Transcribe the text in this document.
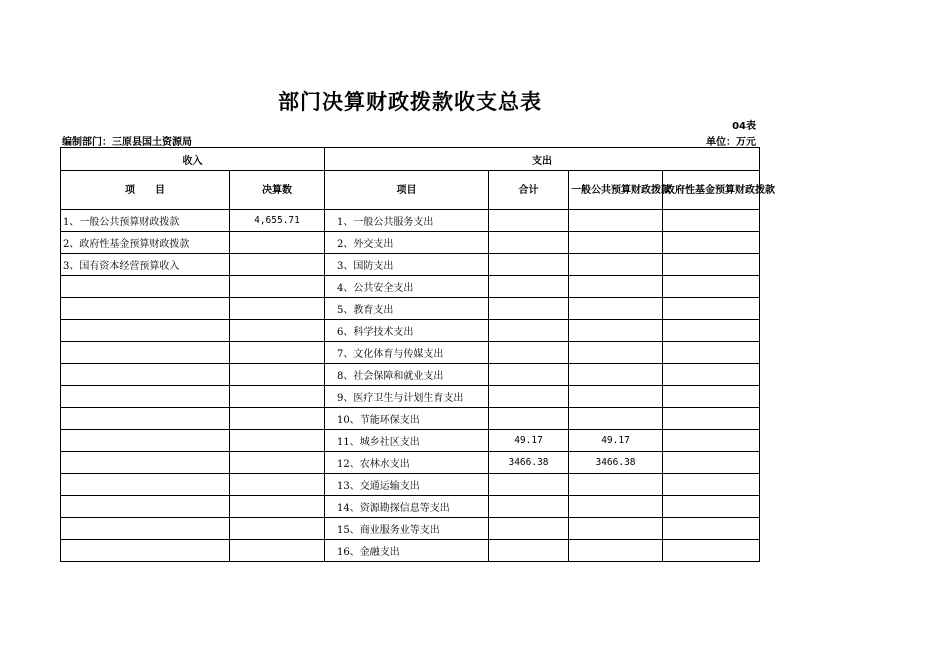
部门决算财政拨款收支总表
04表
编制部门：三原县国土资源局	单位：万元
收入		支出			
项　　目	决算数	项目	合计	一般公共预算财政拨款	政府性基金预算财政拨款
1、一般公共预算财政拨款	4,655.71	1、一般公共服务支出			
2、政府性基金预算财政拨款		2、外交支出			
3、国有资本经营预算收入		3、国防支出			
		4、公共安全支出			
		5、教育支出			
		6、科学技术支出			
		7、文化体育与传媒支出			
		8、社会保障和就业支出			
		9、医疗卫生与计划生育支出			
		10、节能环保支出			
		11、城乡社区支出	49.17	49.17	
		12、农林水支出	3466.38	3466.38	
		13、交通运输支出			
		14、资源勘探信息等支出			
		15、商业服务业等支出			
		16、金融支出			
